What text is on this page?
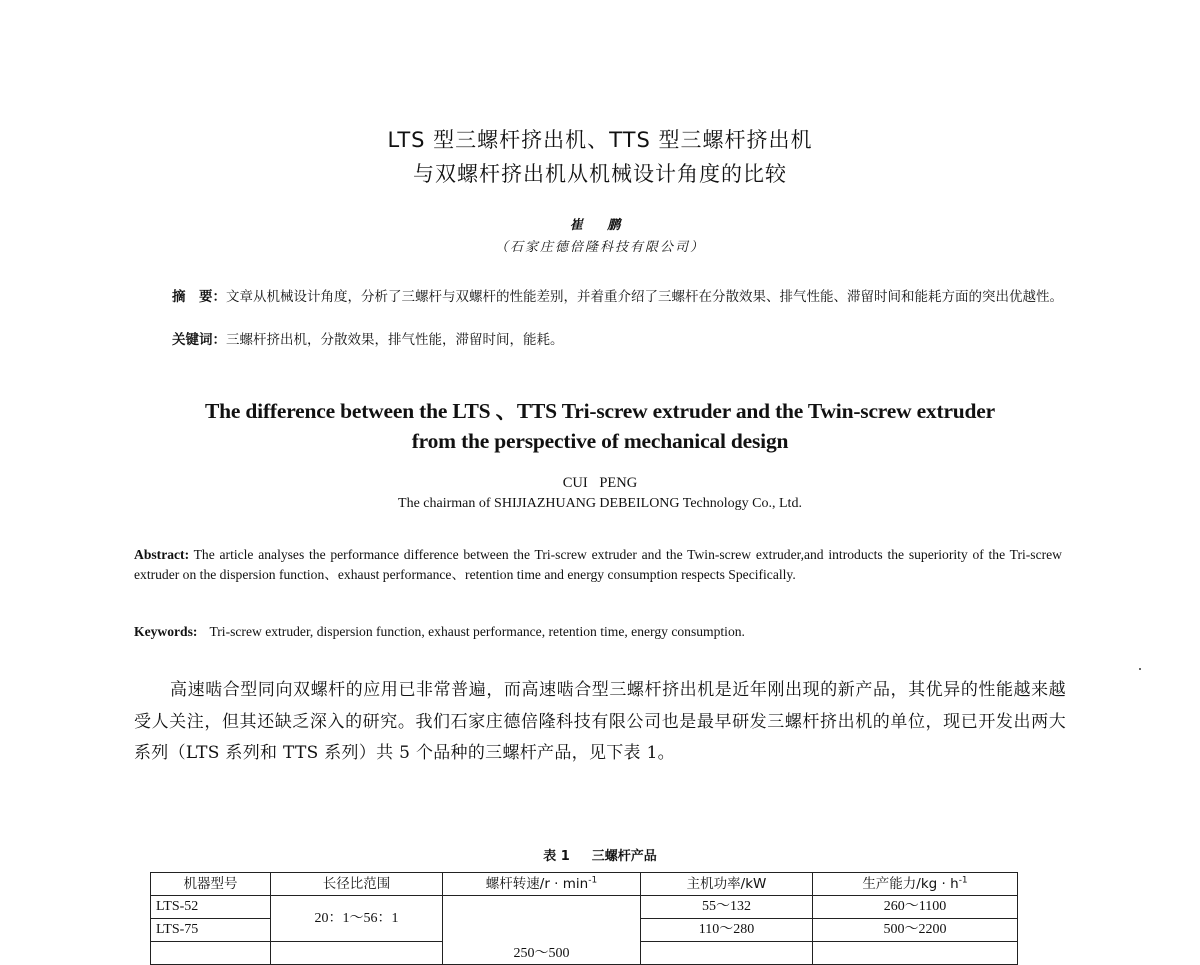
LTS 型三螺杆挤出机、TTS 型三螺杆挤出机
与双螺杆挤出机从机械设计角度的比较
崔 鹏
（石家庄德倍隆科技有限公司）
摘　要：文章从机械设计角度，分析了三螺杆与双螺杆的性能差别，并着重介绍了三螺杆在分散效果、排气性能、滞留时间和能耗方面的突出优越性。
关键词：三螺杆挤出机，分散效果，排气性能，滞留时间，能耗。
The difference between the LTS 、TTS Tri-screw extruder and the Twin-screw extruder
from the perspective of mechanical design
CUI PENG
The chairman of SHIJIAZHUANG DEBEILONG Technology Co., Ltd.
Abstract: The article analyses the performance difference between the Tri-screw extruder and the Twin-screw extruder,and introducts the superiority of the Tri-screw extruder on the dispersion function、exhaust performance、retention time and energy consumption respects Specifically.
Keywords: Tri-screw extruder, dispersion function, exhaust performance, retention time, energy consumption.
高速啮合型同向双螺杆的应用已非常普遍，而高速啮合型三螺杆挤出机是近年刚出现的新产品，其优异的性能越来越受人关注，但其还缺乏深入的研究。我们石家庄德倍隆科技有限公司也是最早研发三螺杆挤出机的单位，现已开发出两大系列（LTS 系列和 TTS 系列）共 5 个品种的三螺杆产品，见下表 1。
表 1 三螺杆产品
机器型号	长径比范围	螺杆转速$/r \cdot \min^{-1}$	主机功率/kW	生产能力$/kg \cdot h^{-1}$
LTS-52	20：1～56：1	250～500	55～132	260～1100
LTS-75			110～280	500～2200
